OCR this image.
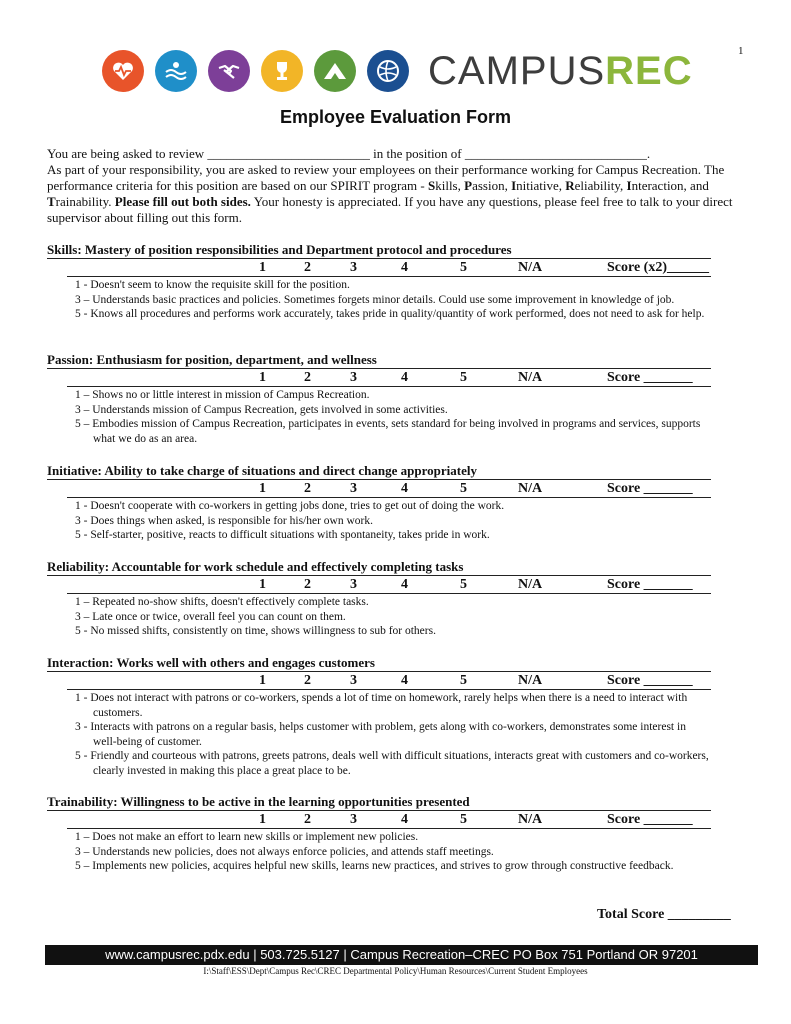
1
CAMPUSREC
Employee Evaluation Form

You are being asked to review _________________________ in the position of ____________________________.

As part of your responsibility, you are asked to review your employees on their performance working for Campus Recreation. The performance criteria for this position are based on our SPIRIT program - Skills, Passion, Initiative, Reliability, Interaction, and Trainability. Please fill out both sides. Your honesty is appreciated. If you have any questions, please feel free to talk to your direct supervisor about filling out this form.

Skills: Mastery of position responsibilities and Department protocol and procedures
1	2	3	4	5	N/A	Score (x2)______
1 - Doesn't seem to know the requisite skill for the position.
3 – Understands basic practices and policies. Sometimes forgets minor details. Could use some improvement in knowledge of job.
5 - Knows all procedures and performs work accurately, takes pride in quality/quantity of work performed, does not need to ask for help.
Passion: Enthusiasm for position, department, and wellness
1	2	3	4	5	N/A	Score _______
1 – Shows no or little interest in mission of Campus Recreation.
3 – Understands mission of Campus Recreation, gets involved in some activities.
5 – Embodies mission of Campus Recreation, participates in events, sets standard for being involved in programs and services, supports what we do as an area.
Initiative: Ability to take charge of situations and direct change appropriately
1	2	3	4	5	N/A	Score _______
1 - Doesn't cooperate with co-workers in getting jobs done, tries to get out of doing the work.
3 - Does things when asked, is responsible for his/her own work.
5 - Self-starter, positive, reacts to difficult situations with spontaneity, takes pride in work.
Reliability: Accountable for work schedule and effectively completing tasks
1	2	3	4	5	N/A	Score _______
1 – Repeated no-show shifts, doesn't effectively complete tasks.
3 – Late once or twice, overall feel you can count on them.
5 - No missed shifts, consistently on time, shows willingness to sub for others.
Interaction: Works well with others and engages customers
1	2	3	4	5	N/A	Score _______
1 - Does not interact with patrons or co-workers, spends a lot of time on homework, rarely helps when there is a need to interact with customers.
3 - Interacts with patrons on a regular basis, helps customer with problem, gets along with co-workers, demonstrates some interest in well-being of customer.
5 - Friendly and courteous with patrons, greets patrons, deals well with difficult situations, interacts great with customers and co-workers, clearly invested in making this place a great place to be.
Trainability: Willingness to be active in the learning opportunities presented
1	2	3	4	5	N/A	Score _______
1 – Does not make an effort to learn new skills or implement new policies.
3 – Understands new policies, does not always enforce policies, and attends staff meetings.
5 – Implements new policies, acquires helpful new skills, learns new practices, and strives to grow through constructive feedback.
Total Score _________
www.campusrec.pdx.edu | 503.725.5127 | Campus Recreation–CREC PO Box 751 Portland OR 97201
I:\Staff\ESS\Dept\Campus Rec\CREC Departmental Policy\Human Resources\Current Student Employees
